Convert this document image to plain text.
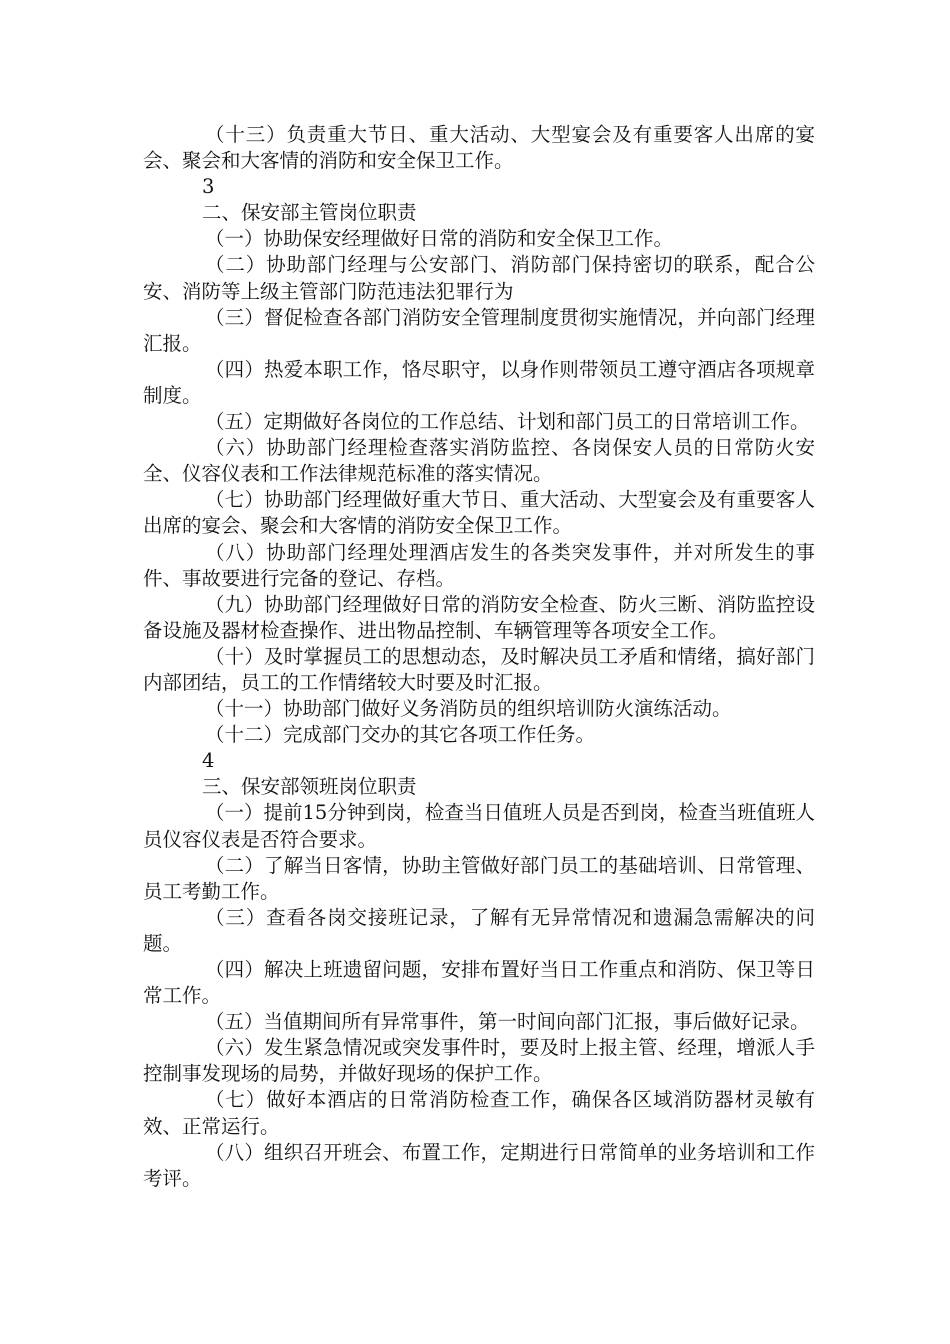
（十三）负责重大节日、重大活动、大型宴会及有重要客人出席的宴会、聚会和大客情的消防和安全保卫工作。

3

二、保安部主管岗位职责

（一）协助保安经理做好日常的消防和安全保卫工作。

（二）协助部门经理与公安部门、消防部门保持密切的联系，配合公安、消防等上级主管部门防范违法犯罪行为

（三）督促检查各部门消防安全管理制度贯彻实施情况，并向部门经理汇报。

（四）热爱本职工作，恪尽职守，以身作则带领员工遵守酒店各项规章制度。

（五）定期做好各岗位的工作总结、计划和部门员工的日常培训工作。

（六）协助部门经理检查落实消防监控、各岗保安人员的日常防火安全、仪容仪表和工作法律规范标准的落实情况。

（七）协助部门经理做好重大节日、重大活动、大型宴会及有重要客人出席的宴会、聚会和大客情的消防安全保卫工作。

（八）协助部门经理处理酒店发生的各类突发事件，并对所发生的事件、事故要进行完备的登记、存档。

（九）协助部门经理做好日常的消防安全检查、防火三断、消防监控设备设施及器材检查操作、进出物品控制、车辆管理等各项安全工作。

（十）及时掌握员工的思想动态，及时解决员工矛盾和情绪，搞好部门内部团结，员工的工作情绪较大时要及时汇报。

（十一）协助部门做好义务消防员的组织培训防火演练活动。

（十二）完成部门交办的其它各项工作任务。

4

三、保安部领班岗位职责

（一）提前15分钟到岗，检查当日值班人员是否到岗，检查当班值班人员仪容仪表是否符合要求。

（二）了解当日客情，协助主管做好部门员工的基础培训、日常管理、员工考勤工作。

（三）查看各岗交接班记录，了解有无异常情况和遗漏急需解决的问题。

（四）解决上班遗留问题，安排布置好当日工作重点和消防、保卫等日常工作。

（五）当值期间所有异常事件，第一时间向部门汇报，事后做好记录。

（六）发生紧急情况或突发事件时，要及时上报主管、经理，增派人手控制事发现场的局势，并做好现场的保护工作。

（七）做好本酒店的日常消防检查工作，确保各区域消防器材灵敏有效、正常运行。

（八）组织召开班会、布置工作，定期进行日常简单的业务培训和工作考评。
